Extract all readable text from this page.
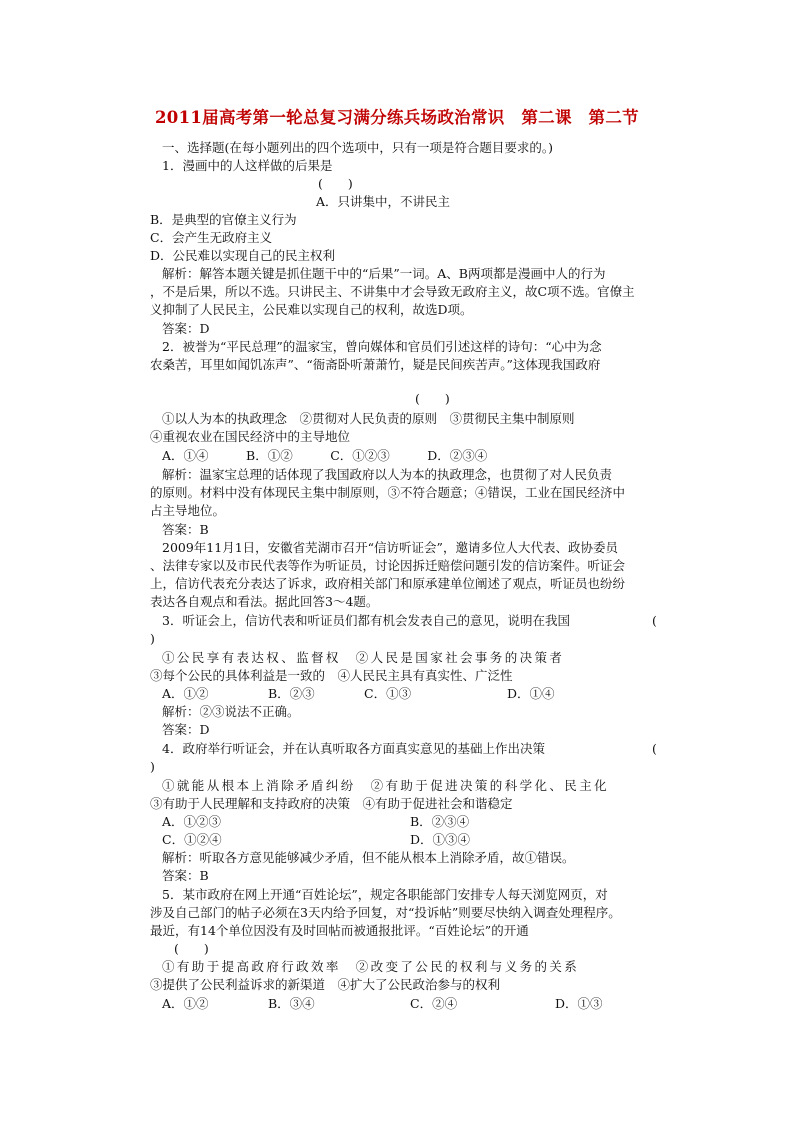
2011届高考第一轮总复习满分练兵场政治常识　第二课　第二节
一、选择题(在每小题列出的四个选项中，只有一项是符合题目要求的。)
1．漫画中的人这样做的后果是
(　　)
A．只讲集中，不讲民主
B．是典型的官僚主义行为
C．会产生无政府主义
D．公民难以实现自己的民主权利
解析：解答本题关键是抓住题干中的“后果”一词。A、B两项都是漫画中人的行为
，不是后果，所以不选。只讲民主、不讲集中才会导致无政府主义，故C项不选。官僚主
义抑制了人民民主，公民难以实现自己的权利，故选D项。
答案：D
2．被誉为“平民总理”的温家宝，曾向媒体和官员们引述这样的诗句：“心中为念
农桑苦，耳里如闻饥冻声”、“衙斋卧听萧萧竹，疑是民间疾苦声。”这体现我国政府
(　　)
①以人为本的执政理念　②贯彻对人民负责的原则　③贯彻民主集中制原则
④重视农业在国民经济中的主导地位
A．①④　　　B．①②　　　C．①②③　　　D．②③④
解析：温家宝总理的话体现了我国政府以人为本的执政理念，也贯彻了对人民负责
的原则。材料中没有体现民主集中制原则，③不符合题意；④错误，工业在国民经济中
占主导地位。
答案：B
2009年11月1日，安徽省芜湖市召开“信访听证会”，邀请多位人大代表、政协委员
、法律专家以及市民代表等作为听证员，讨论因拆迁赔偿问题引发的信访案件。听证会
上，信访代表充分表达了诉求，政府相关部门和原承建单位阐述了观点，听证员也纷纷
表达各自观点和看法。据此回答3～4题。
3．听证会上，信访代表和听证员们都有机会发表自己的意见，说明在我国	(
)
①公民享有表达权、监督权　②人民是国家社会事务的决策者
③每个公民的具体利益是一致的　④人民民主具有真实性、广泛性
A．①②	B．②③	C．①③	D．①④
解析：②③说法不正确。
答案：D
4．政府举行听证会，并在认真听取各方面真实意见的基础上作出决策	(
)
①就能从根本上消除矛盾纠纷　②有助于促进决策的科学化、民主化
③有助于人民理解和支持政府的决策　④有助于促进社会和谐稳定
A．①②③	B．②③④
C．①②④	D．①③④
解析：听取各方意见能够减少矛盾，但不能从根本上消除矛盾，故①错误。
答案：B
5．某市政府在网上开通“百姓论坛”，规定各职能部门安排专人每天浏览网页，对
涉及自己部门的帖子必须在3天内给予回复，对“投诉帖”则要尽快纳入调查处理程序。
最近，有14个单位因没有及时回帖而被通报批评。“百姓论坛”的开通
(　　)
①有助于提高政府行政效率　②改变了公民的权利与义务的关系
③提供了公民利益诉求的新渠道　④扩大了公民政治参与的权利
A．①②	B．③④	C．②④	D．①③
